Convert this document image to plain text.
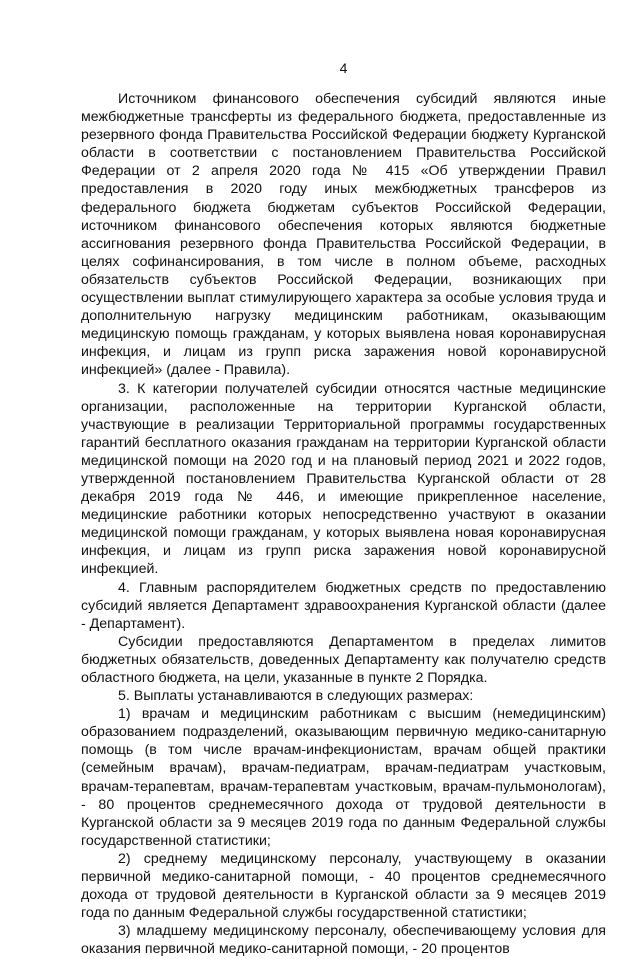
4

Источником финансового обеспечения субсидий являются иные межбюджетные трансферты из федерального бюджета, предоставленные из резервного фонда Правительства Российской Федерации бюджету Курганской области в соответствии с постановлением Правительства Российской Федерации от 2 апреля 2020 года № 415 «Об утверждении Правил предоставления в 2020 году иных межбюджетных трансферов из федерального бюджета бюджетам субъектов Российской Федерации, источником финансового обеспечения которых являются бюджетные ассигнования резервного фонда Правительства Российской Федерации, в целях софинансирования, в том числе в полном объеме, расходных обязательств субъектов Российской Федерации, возникающих при осуществлении выплат стимулирующего характера за особые условия труда и дополнительную нагрузку медицинским работникам, оказывающим медицинскую помощь гражданам, у которых выявлена новая коронавирусная инфекция, и лицам из групп риска заражения новой коронавирусной инфекцией» (далее - Правила).

3. К категории получателей субсидии относятся частные медицинские организации, расположенные на территории Курганской области, участвующие в реализации Территориальной программы государственных гарантий бесплатного оказания гражданам на территории Курганской области медицинской помощи на 2020 год и на плановый период 2021 и 2022 годов, утвержденной постановлением Правительства Курганской области от 28 декабря 2019 года № 446, и имеющие прикрепленное население, медицинские работники которых непосредственно участвуют в оказании медицинской помощи гражданам, у которых выявлена новая коронавирусная инфекция, и лицам из групп риска заражения новой коронавирусной инфекцией.

4. Главным распорядителем бюджетных средств по предоставлению субсидий является Департамент здравоохранения Курганской области (далее - Департамент).

Субсидии предоставляются Департаментом в пределах лимитов бюджетных обязательств, доведенных Департаменту как получателю средств областного бюджета, на цели, указанные в пункте 2 Порядка.

5. Выплаты устанавливаются в следующих размерах:

1) врачам и медицинским работникам с высшим (немедицинским) образованием подразделений, оказывающим первичную медико-санитарную помощь (в том числе врачам-инфекционистам, врачам общей практики (семейным врачам), врачам-педиатрам, врачам-педиатрам участковым, врачам-терапевтам, врачам-терапевтам участковым, врачам-пульмонологам), - 80 процентов среднемесячного дохода от трудовой деятельности в Курганской области за 9 месяцев 2019 года по данным Федеральной службы государственной статистики;

2) среднему медицинскому персоналу, участвующему в оказании первичной медико-санитарной помощи, - 40 процентов среднемесячного дохода от трудовой деятельности в Курганской области за 9 месяцев 2019 года по данным Федеральной службы государственной статистики;

3) младшему медицинскому персоналу, обеспечивающему условия для оказания первичной медико-санитарной помощи, - 20 процентов
